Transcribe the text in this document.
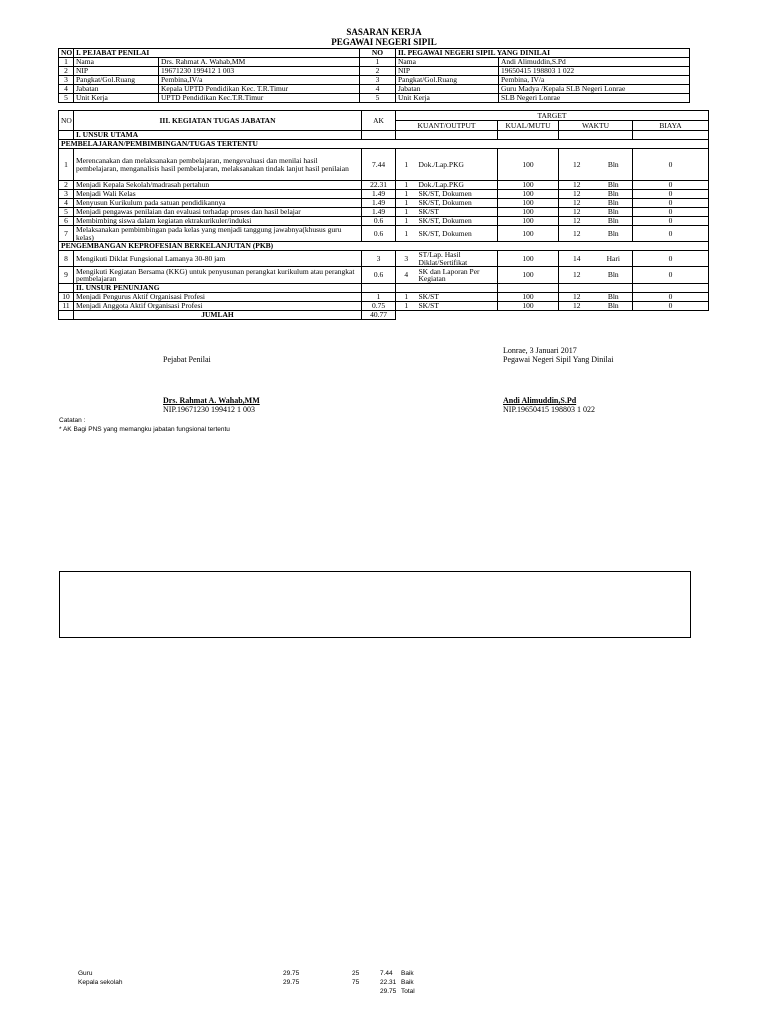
SASARAN KERJA
PEGAWAI NEGERI SIPIL
NO	I. PEJABAT PENILAI		NO	II. PEGAWAI NEGERI SIPIL YANG DINILAI	
1	Nama	Drs. Rahmat A. Wahab,MM	1	Nama	Andi Alimuddin,S.Pd
2	NIP	19671230 199412 1 003	2	NIP	19650415 198803 1 022
3	Pangkat/Gol.Ruang	Pembina,IV/a	3	Pangkat/Gol.Ruang	Pembina, IV/a
4	Jabatan	Kepala UPTD Pendidikan Kec. T.R.Timur	4	Jabatan	Guru Madya /Kepala SLB Negeri Lonrae
5	Unit Kerja	UPTD Pendidikan Kec.T.R.Timur	5	Unit Kerja	SLB Negeri Lonrae
NO	III. KEGIATAN TUGAS JABATAN	AK	TARGET					
			KUANT/OUTPUT		KUAL/MUTU	WAKTU		BIAYA
	I. UNSUR UTAMA							
PEMBELAJARAN/PEMBIMBINGAN/TUGAS TERTENTU								
1	Merencanakan dan melaksanakan pembelajaran, mengevaluasi dan menilai hasil pembelajaran, menganalisis hasil pembelajaran, melaksanakan tindak lanjut hasil penilaian	7.44	1	Dok./Lap.PKG	100	12	Bln	0
2	Menjadi Kepala Sekolah/madrasah pertahun	22.31	1	Dok./Lap.PKG	100	12	Bln	0
3	Menjadi Wali Kelas	1.49	1	SK/ST, Dokumen	100	12	Bln	0
4	Menyusun Kurikulum pada satuan pendidikannya	1.49	1	SK/ST, Dokumen	100	12	Bln	0
5	Menjadi pengawas penilaian dan evaluasi terhadap proses dan hasil belajar	1.49	1	SK/ST	100	12	Bln	0
6	Membimbing siswa dalam kegiatan ektrakurikuler/induksi	0.6	1	SK/ST, Dokumen	100	12	Bln	0
7	Melaksanakan pembimbingan pada kelas yang menjadi tanggung jawabnya(khusus guru kelas)	0.6	1	SK/ST, Dokumen	100	12	Bln	0
PENGEMBANGAN KEPROFESIAN BERKELANJUTAN (PKB)								
8	Mengikuti Diklat Fungsional Lamanya 30-80 jam	3	3	ST/Lap. Hasil Diklat/Sertifikat	100	14	Hari	0
9	Mengikuti Kegiatan Bersama (KKG) untuk penyusunan perangkat kurikulum atau perangkat pembelajaran	0.6	4	SK dan Laporan Per Kegiatan	100	12	Bln	0
	II. UNSUR PENUNJANG							
10	Menjadi Pengurus Aktif Organisasi Profesi	1	1	SK/ST	100	12	Bln	0
11	Menjadi Anggota Aktif Organisasi Profesi	0.75	1	SK/ST	100	12	Bln	0
	JUMLAH	40.77						
Lonrae, 3 Januari 2017
Pejabat Penilai	Pegawai Negeri Sipil Yang Dinilai
Drs. Rahmat A. Wahab,MM
NIP.19671230 199412 1 003
Andi Alimuddin,S.Pd
NIP.19650415 198803 1 022
Catatan :
* AK Bagi PNS yang memangku jabatan fungsional tertentu
Guru	29.75	25	7.44 Baik
Kepala sekolah	29.75	75	22.31 Baik
29.75 Total
